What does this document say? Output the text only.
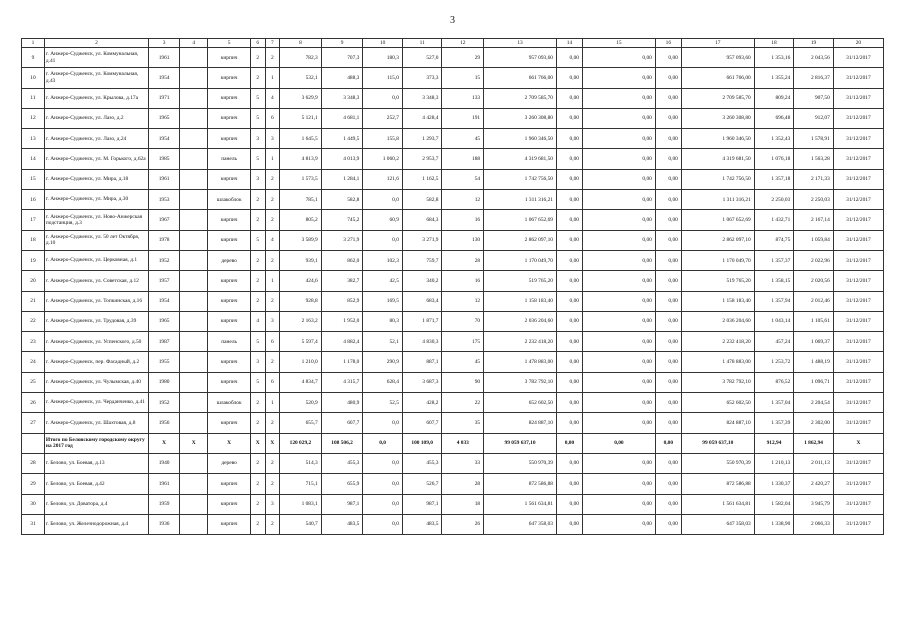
3
1	2	3	4	5	6	7	8	9	10	11	12	13	14	15	16	17	18	19	20
9	г. Анжеро-Судженск, ул. Коммунальная, д.41	1961		кирпич	2	2	782,3	707,3	180,3	527,0	29	957 093,60	0,00	0,00	0,00	957 093,60	1 353,16	2 043,56	31/12/2017
10	г. Анжеро-Судженск, ул. Коммунальная, д.43	1954		кирпич	2	1	532,1	488,3	115,0	373,3	15	661 766,00	0,00	0,00	0,00	661 766,00	1 355,24	2 816,37	31/12/2017
11	г. Анжеро-Судженск, ул. Крылова, д.17а	1971		кирпич	5	4	3 629,9	3 348,3	0,0	3 348,3	133	2 709 585,70	0,00	0,00	0,00	2 709 585,70	809,24	907,50	31/12/2017
12	г. Анжеро-Судженск, ул. Лазо, д.2	1965		кирпич	5	6	5 121,1	4 681,1	252,7	4 428,4	191	3 260 308,80	0,00	0,00	0,00	3 260 308,80	696,48	912,07	31/12/2017
13	г. Анжеро-Судженск, ул. Лазо, д.24	1954		кирпич	3	3	1 645,5	1 449,5	155,8	1 293,7	45	1 960 346,50	0,00	0,00	0,00	1 960 346,50	1 352,43	1 578,91	31/12/2017
14	г. Анжеро-Судженск, ул. М. Горького, д.62а	1985		панель	5	1	4 813,9	4 013,9	1 060,2	2 953,7	188	4 319 681,50	0,00	0,00	0,00	4 319 681,50	1 076,18	1 563,28	31/12/2017
15	г. Анжеро-Судженск, ул. Мира, д.18	1961		кирпич	3	2	1 573,5	1 284,1	121,6	1 162,5	54	1 742 756,50	0,00	0,00	0,00	1 742 756,50	1 357,18	2 171,33	31/12/2017
16	г. Анжеро-Судженск, ул. Мира, д.30	1953		шлакоблок	2	2	785,1	582,8	0,0	582,8	12	1 311 316,21	0,00	0,00	0,00	1 311 316,21	2 250,03	2 250,03	31/12/2017
17	г. Анжеро-Судженск, ул. Ново-Анжерская подстанция, д.3	1967		кирпич	2	2	805,2	745,2	60,9	684,3	16	1 067 652,69	0,00	0,00	0,00	1 067 652,69	1 432,71	2 167,14	31/12/2017
18	г. Анжеро-Судженск, ул. 50 лет Октября, д.10	1978		кирпич	5	4	3 589,9	3 271,9	0,0	3 271,9	130	2 862 097,10	0,00	0,00	0,00	2 862 097,10	874,75	1 059,84	31/12/2017
19	г. Анжеро-Судженск, ул. Церковная, д.1	1952		дерево	2	2	939,1	862,0	102,3	759,7	28	1 170 049,70	0,00	0,00	0,00	1 170 049,70	1 357,37	2 022,96	31/12/2017
20	г. Анжеро-Судженск, ул. Советская, д.12	1957		кирпич	2	1	424,6	382,7	42,5	340,2	16	519 765,20	0,00	0,00	0,00	519 765,20	1 358,15	2 020,56	31/12/2017
21	г. Анжеро-Судженск, ул. Топкинская, д.16	1954		кирпич	2	2	928,8	852,9	169,5	683,4	12	1 158 183,40	0,00	0,00	0,00	1 158 183,40	1 357,94	2 012,46	31/12/2017
22	г. Анжеро-Судженск, ул. Трудовая, д.39	1965		кирпич	4	3	2 163,2	1 952,0	80,3	1 871,7	70	2 036 204,60	0,00	0,00	0,00	2 036 204,60	1 043,14	1 105,61	31/12/2017
23	г. Анжеро-Судженск, ул. Успенского, д.50	1987		панель	5	6	5 597,4	4 882,4	52,1	4 830,3	175	2 232 418,20	0,00	0,00	0,00	2 232 418,20	457,24	1 069,37	31/12/2017
24	г. Анжеро-Судженск, пер. Фасадный, д.2	1955		кирпич	3	2	1 210,0	1 178,0	290,9	887,1	45	1 478 883,00	0,00	0,00	0,00	1 478 883,00	1 253,72	1 488,19	31/12/2017
25	г. Анжеро-Судженск, ул. Чулымская, д.40	1980		кирпич	5	6	4 834,7	4 315,7	628,4	3 687,3	90	3 782 792,10	0,00	0,00	0,00	3 782 792,10	876,52	1 096,71	31/12/2017
26	г. Анжеро-Судженск, ул. Черданченко, д.41	1952		шлакоблок	2	1	520,9	480,9	52,5	428,2	22	652 602,50	0,00	0,00	0,00	652 602,50	1 357,04	2 204,54	31/12/2017
27	г. Анжеро-Судженск, ул. Шахтовая, д.8	1956		кирпич	2	2	655,7	607,7	0,0	607,7	35	824 887,10	0,00	0,00	0,00	824 887,10	1 357,39	2 302,00	31/12/2017
	Итого по Беловскому городскому округу на 2017 год	X	X	X	X	X	120 029,2	108 506,2	0,0	100 109,0	4 033	99 059 637,10	0,00	0,00	0,00	99 059 637,10	912,94	1 862,94	X
28	г. Белово, ул. Боевая, д.13	1940		дерево	2	2	514,3	455,3	0,0	455,3	33	550 970,39	0,00	0,00	0,00	550 970,39	1 210,13	2 011,13	31/12/2017
29	г. Белово, ул. Боевая, д.42	1961		кирпич	2	2	715,1	655,9	0,0	526,7	28	872 586,88	0,00	0,00	0,00	872 586,88	1 330,37	2 420,27	31/12/2017
30	г. Белово, ул. Доватора, д.4	1959		кирпич	2	3	1 083,1	987,1	0,0	987,1	18	1 561 634,81	0,00	0,00	0,00	1 561 634,81	1 582,04	3 945,79	31/12/2017
31	г. Белово, ул. Железнодорожная, д.4	1936		кирпич	2	2	540,7	483,5	0,0	483,5	26	647 358,03	0,00	0,00	0,00	647 358,03	1 338,90	2 066,33	31/12/2017
